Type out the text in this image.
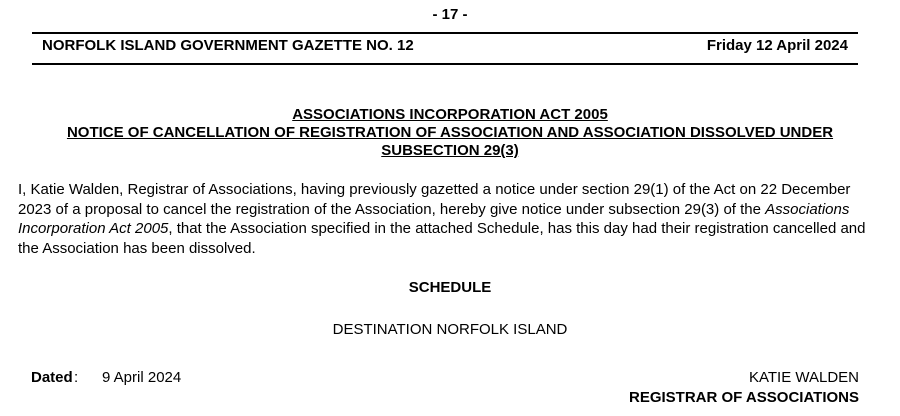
- 17 -
NORFOLK ISLAND GOVERNMENT GAZETTE NO. 12	Friday 12 April 2024
ASSOCIATIONS INCORPORATION ACT 2005
NOTICE OF CANCELLATION OF REGISTRATION OF ASSOCIATION AND ASSOCIATION DISSOLVED UNDER
SUBSECTION 29(3)
I, Katie Walden, Registrar of Associations, having previously gazetted a notice under section 29(1) of the Act on 22 December 2023 of a proposal to cancel the registration of the Association, hereby give notice under subsection 29(3) of the Associations Incorporation Act 2005, that the Association specified in the attached Schedule, has this day had their registration cancelled and the Association has been dissolved.
SCHEDULE
DESTINATION NORFOLK ISLAND
Dated : 9 April 2024	KATIE WALDEN
REGISTRAR OF ASSOCIATIONS
